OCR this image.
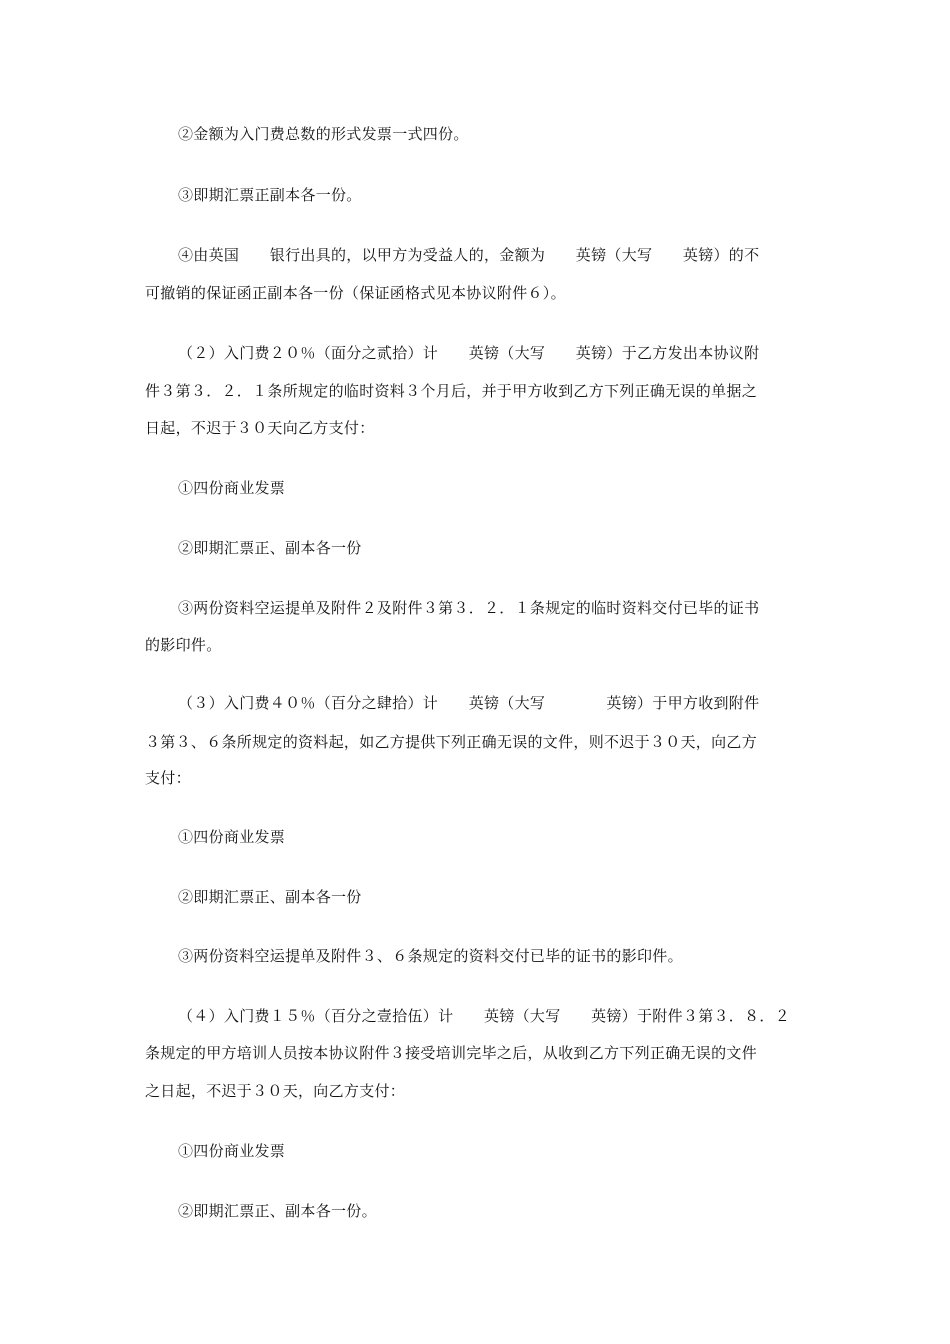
②金额为入门费总数的形式发票一式四份。
③即期汇票正副本各一份。
④由英国　　银行出具的，以甲方为受益人的，金额为　　英镑（大写　　英镑）的不
可撤销的保证函正副本各一份（保证函格式见本协议附件６）。
（２）入门费２０％（面分之贰拾）计　　英镑（大写　　英镑）于乙方发出本协议附
件３第３．２．１条所规定的临时资料３个月后，并于甲方收到乙方下列正确无误的单据之
日起，不迟于３０天向乙方支付：
①四份商业发票
②即期汇票正、副本各一份
③两份资料空运提单及附件２及附件３第３．２．１条规定的临时资料交付已毕的证书
的影印件。
（３）入门费４０％（百分之肆拾）计　　英镑（大写　　　　英镑）于甲方收到附件
３第３、６条所规定的资料起，如乙方提供下列正确无误的文件，则不迟于３０天，向乙方
支付：
①四份商业发票
②即期汇票正、副本各一份
③两份资料空运提单及附件３、６条规定的资料交付已毕的证书的影印件。
（４）入门费１５％（百分之壹拾伍）计　　英镑（大写　　英镑）于附件３第３．８．２
条规定的甲方培训人员按本协议附件３接受培训完毕之后，从收到乙方下列正确无误的文件
之日起，不迟于３０天，向乙方支付：
①四份商业发票
②即期汇票正、副本各一份。
